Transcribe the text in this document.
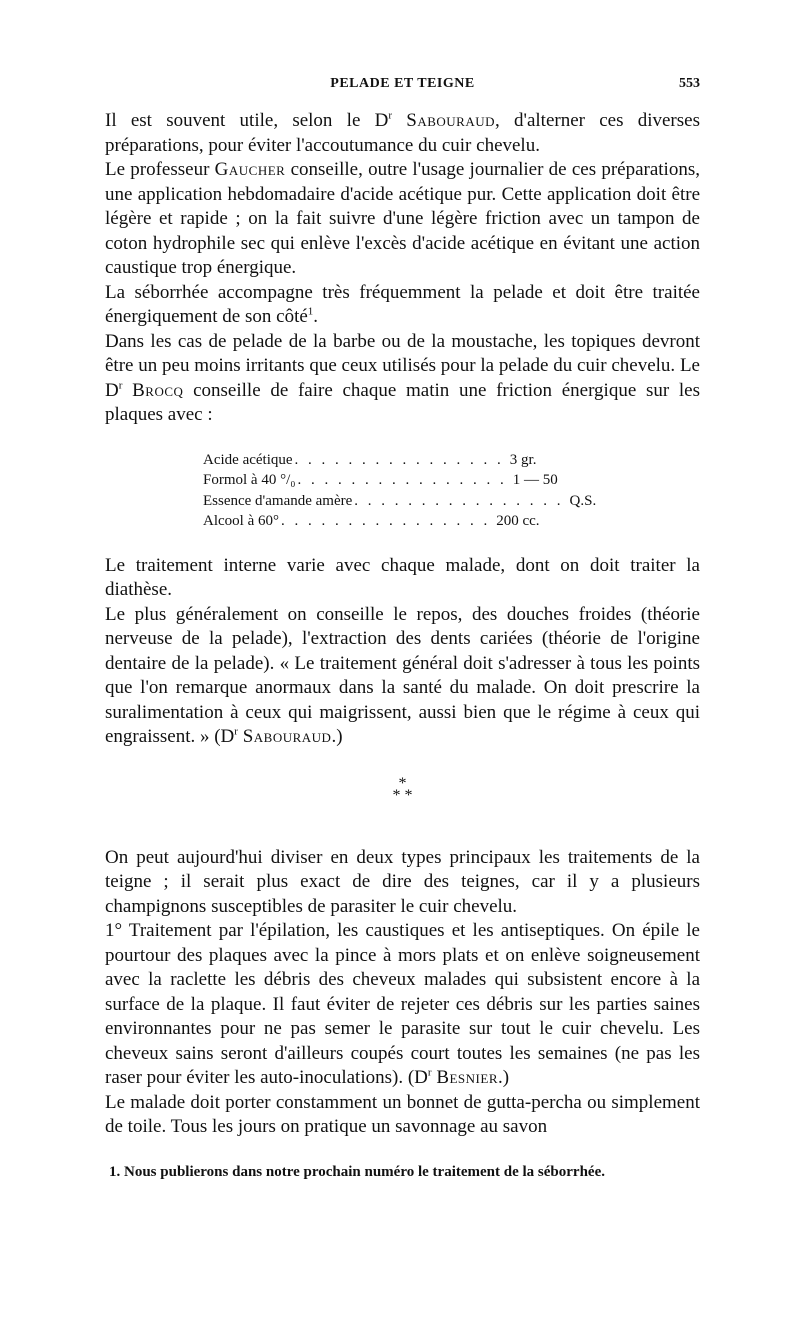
PELADE ET TEIGNE	553

Il est souvent utile, selon le $D^r$ Sabouraud, d'alterner ces diverses préparations, pour éviter l'accoutumance du cuir chevelu.

Le professeur Gaucher conseille, outre l'usage journalier de ces préparations, une application hebdomadaire d'acide acétique pur. Cette application doit être légère et rapide ; on la fait suivre d'une légère friction avec un tampon de coton hydrophile sec qui enlève l'excès d'acide acétique en évitant une action caustique trop énergique.

La séborrhée accompagne très fréquemment la pelade et doit être traitée énergiquement de son côté$^1$.

Dans les cas de pelade de la barbe ou de la moustache, les topiques devront être un peu moins irritants que ceux utilisés pour la pelade du cuir chevelu. Le $D^r$ Brocq conseille de faire chaque matin une friction énergique sur les plaques avec :

Acide acétique . . . . . . . . . . . . . . . . 3 gr.
Formol à 40 °/₀ . . . . . . . . . . . . . . . . 1 — 50
Essence d'amande amère . . . . . . . . . . . . . . . . Q.S.
Alcool à 60° . . . . . . . . . . . . . . . . 200 cc.

Le traitement interne varie avec chaque malade, dont on doit traiter la diathèse.

Le plus généralement on conseille le repos, des douches froides (théorie nerveuse de la pelade), l'extraction des dents cariées (théorie de l'origine dentaire de la pelade). « Le traitement général doit s'adresser à tous les points que l'on remarque anormaux dans la santé du malade. On doit prescrire la suralimentation à ceux qui maigrissent, aussi bien que le régime à ceux qui engraissent. » ($D^r$ Sabouraud.)

*
* *

On peut aujourd'hui diviser en deux types principaux les traitements de la teigne ; il serait plus exact de dire des teignes, car il y a plusieurs champignons susceptibles de parasiter le cuir chevelu.

1° Traitement par l'épilation, les caustiques et les antiseptiques. On épile le pourtour des plaques avec la pince à mors plats et on enlève soigneusement avec la raclette les débris des cheveux malades qui subsistent encore à la surface de la plaque. Il faut éviter de rejeter ces débris sur les parties saines environnantes pour ne pas semer le parasite sur tout le cuir chevelu. Les cheveux sains seront d'ailleurs coupés court toutes les semaines (ne pas les raser pour éviter les auto-inoculations). ($D^r$ Besnier.)

Le malade doit porter constamment un bonnet de gutta-percha ou simplement de toile. Tous les jours on pratique un savonnage au savon

1. Nous publierons dans notre prochain numéro le traitement de la séborrhée.
